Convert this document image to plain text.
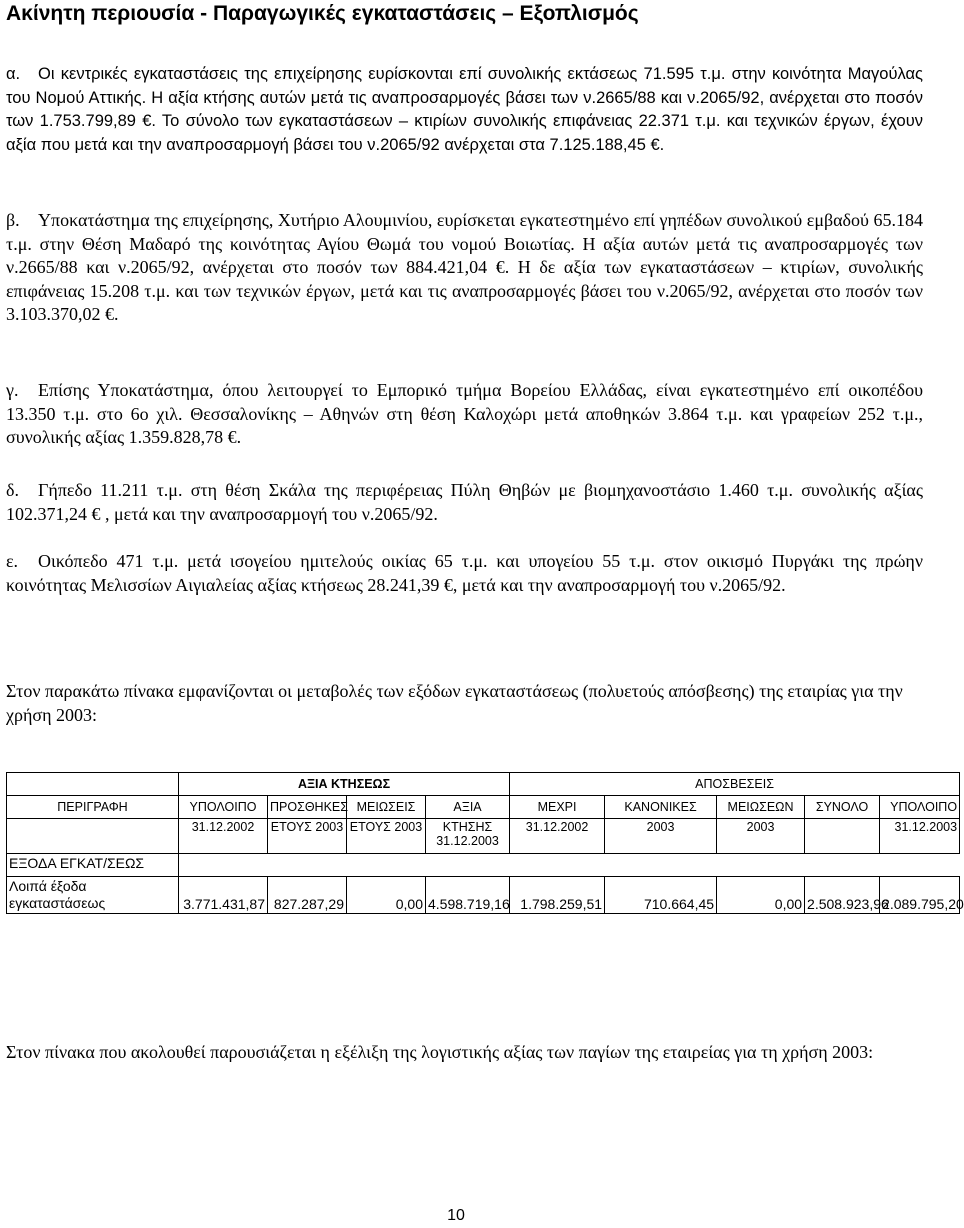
Ακίνητη περιουσία - Παραγωγικές εγκαταστάσεις – Εξοπλισμός

α. Οι κεντρικές εγκαταστάσεις της επιχείρησης ευρίσκονται επί συνολικής εκτάσεως 71.595 τ.μ. στην κοινότητα Μαγούλας του Νομού Αττικής. Η αξία κτήσης αυτών μετά τις αναπροσαρμογές βάσει των ν.2665/88 και ν.2065/92, ανέρχεται στο ποσόν των 1.753.799,89 €. Το σύνολο των εγκαταστάσεων – κτιρίων συνολικής επιφάνειας 22.371 τ.μ. και τεχνικών έργων, έχουν αξία που μετά και την αναπροσαρμογή βάσει του ν.2065/92 ανέρχεται στα 7.125.188,45 €.

β. Υποκατάστημα της επιχείρησης, Χυτήριο Αλουμινίου, ευρίσκεται εγκατεστημένο επί γηπέδων συνολικού εμβαδού 65.184 τ.μ. στην Θέση Μαδαρό της κοινότητας Αγίου Θωμά του νομού Βοιωτίας. Η αξία αυτών μετά τις αναπροσαρμογές των ν.2665/88 και ν.2065/92, ανέρχεται στο ποσόν των 884.421,04 €. Η δε αξία των εγκαταστάσεων – κτιρίων, συνολικής επιφάνειας 15.208 τ.μ. και των τεχνικών έργων, μετά και τις αναπροσαρμογές βάσει του ν.2065/92, ανέρχεται στο ποσόν των 3.103.370,02 €.

γ. Επίσης Υποκατάστημα, όπου λειτουργεί το Εμπορικό τμήμα Βορείου Ελλάδας, είναι εγκατεστημένο επί οικοπέδου 13.350 τ.μ. στο 6ο χιλ. Θεσσαλονίκης – Αθηνών στη θέση Καλοχώρι μετά αποθηκών 3.864 τ.μ. και γραφείων 252 τ.μ., συνολικής αξίας 1.359.828,78 €.

δ. Γήπεδο 11.211 τ.μ. στη θέση Σκάλα της περιφέρειας Πύλη Θηβών με βιομηχανοστάσιο 1.460 τ.μ. συνολικής αξίας 102.371,24 € , μετά και την αναπροσαρμογή του ν.2065/92.

ε. Οικόπεδο 471 τ.μ. μετά ισογείου ημιτελούς οικίας 65 τ.μ. και υπογείου 55 τ.μ. στον οικισμό Πυργάκι της πρώην κοινότητας Μελισσίων Αιγιαλείας αξίας κτήσεως 28.241,39 €, μετά και την αναπροσαρμογή του ν.2065/92.

Στον παρακάτω πίνακα εμφανίζονται οι μεταβολές των εξόδων εγκαταστάσεως (πολυετούς απόσβεσης) της εταιρίας για την χρήση 2003:

	ΑΞΙΑ ΚΤΗΣΕΩΣ				ΑΠΟΣΒΕΣΕΙΣ				
ΠΕΡΙΓΡΑΦΗ	ΥΠΟΛΟΙΠΟ	ΠΡΟΣΘΗΚΕΣ	ΜΕΙΩΣΕΙΣ	ΑΞΙΑ	ΜΕΧΡΙ	ΚΑΝΟΝΙΚΕΣ	ΜΕΙΩΣΕΩΝ	ΣΥΝΟΛΟ	ΥΠΟΛΟΙΠΟ
	31.12.2002	ΕΤΟΥΣ 2003	ΕΤΟΥΣ 2003	ΚΤΗΣΗΣ 31.12.2003	31.12.2002	2003	2003		31.12.2003
ΕΞΟΔΑ ΕΓΚΑΤ/ΣΕΩΣ									
Λοιπά έξοδα εγκαταστάσεως	3.771.431,87	827.287,29	0,00	4.598.719,16	1.798.259,51	710.664,45	0,00	2.508.923,96	2.089.795,20

Στον πίνακα που ακολουθεί παρουσιάζεται η εξέλιξη της λογιστικής αξίας των παγίων της εταιρείας για τη χρήση 2003:

10
